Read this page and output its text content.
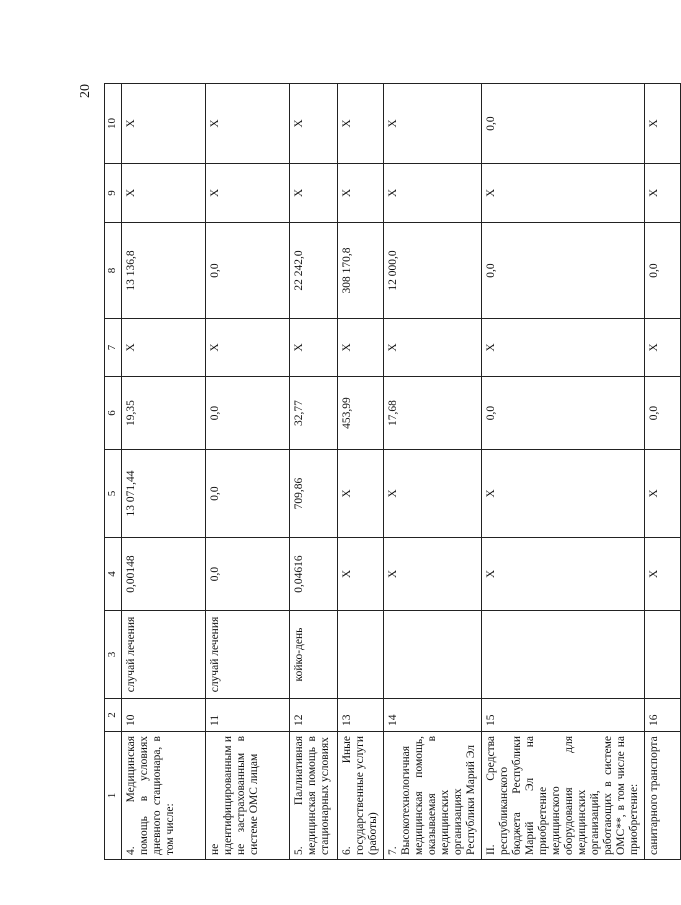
20
1	2	3	4	5	6	7	8	9	10
4. Медицинская помощь в условиях дневного стационара, в том числе:	10	случай лечения	0,00148	13 071,44	19,35	Х	13 136,8	Х	Х
не идентифицированным и не застрахованным в системе ОМС лицам	11	случай лечения	0,0	0,0	0,0	Х	0,0	Х	Х
5. Паллиативная медицинская помощь в стационарных условиях	12	койко-день	0,04616	709,86	32,77	Х	22 242,0	Х	Х
6. Иные государственные услуги (работы)	13		Х	Х	453,99	Х	308 170,8	Х	Х
7. Высокотехнологичная медицинская помощь, оказываемая в медицинских организациях Республики Марий Эл	14		Х	Х	17,68	Х	12 000,0	Х	Х
II. Средства республиканского бюджета Республики Марий Эл на приобретение медицинского оборудования для медицинских организаций, работающих в системе ОМС**, в том числе на приобретение:	15		Х	Х	0,0	Х	0,0	Х	0,0
санитарного транспорта	16		Х	Х	0,0	Х	0,0	Х	Х
